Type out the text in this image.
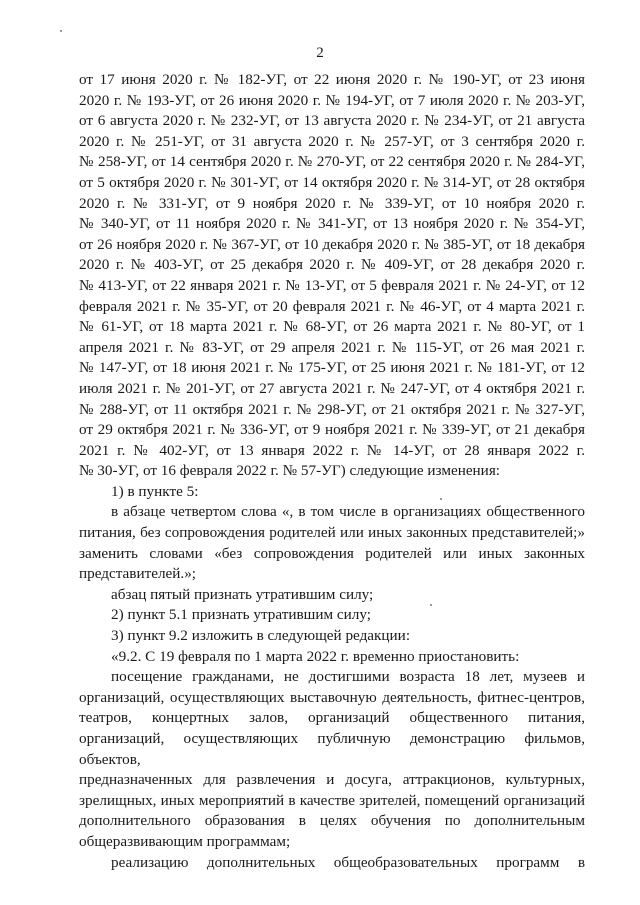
2

от 17 июня 2020 г. № 182-УГ, от 22 июня 2020 г. № 190-УГ, от 23 июня

2020 г. № 193-УГ, от 26 июня 2020 г. № 194-УГ, от 7 июля 2020 г. № 203-УГ,

от 6 августа 2020 г. № 232-УГ, от 13 августа 2020 г. № 234-УГ, от 21 августа

2020 г. № 251-УГ, от 31 августа 2020 г. № 257-УГ, от 3 сентября 2020 г.

№ 258-УГ, от 14 сентября 2020 г. № 270-УГ, от 22 сентября 2020 г. № 284-УГ,

от 5 октября 2020 г. № 301-УГ, от 14 октября 2020 г. № 314-УГ, от 28 октября

2020 г. № 331-УГ, от 9 ноября 2020 г. № 339-УГ, от 10 ноября 2020 г.

№ 340-УГ, от 11 ноября 2020 г. № 341-УГ, от 13 ноября 2020 г. № 354-УГ,

от 26 ноября 2020 г. № 367-УГ, от 10 декабря 2020 г. № 385-УГ, от 18 декабря

2020 г. № 403-УГ, от 25 декабря 2020 г. № 409-УГ, от 28 декабря 2020 г.

№ 413-УГ, от 22 января 2021 г. № 13-УГ, от 5 февраля 2021 г. № 24-УГ, от 12

февраля 2021 г. № 35-УГ, от 20 февраля 2021 г. № 46-УГ, от 4 марта 2021 г.

№ 61-УГ, от 18 марта 2021 г. № 68-УГ, от 26 марта 2021 г. № 80-УГ, от 1

апреля 2021 г. № 83-УГ, от 29 апреля 2021 г. № 115-УГ, от 26 мая 2021 г.

№ 147-УГ, от 18 июня 2021 г. № 175-УГ, от 25 июня 2021 г. № 181-УГ, от 12

июля 2021 г. № 201-УГ, от 27 августа 2021 г. № 247-УГ, от 4 октября 2021 г.

№ 288-УГ, от 11 октября 2021 г. № 298-УГ, от 21 октября 2021 г. № 327-УГ,

от 29 октября 2021 г. № 336-УГ, от 9 ноября 2021 г. № 339-УГ, от 21 декабря

2021 г. № 402-УГ, от 13 января 2022 г. № 14-УГ, от 28 января 2022 г.

№ 30-УГ, от 16 февраля 2022 г. № 57-УГ) следующие изменения:

1) в пункте 5:

в абзаце четвертом слова «, в том числе в организациях общественного

питания, без сопровождения родителей или иных законных представителей;»

заменить словами «без сопровождения родителей или иных законных

представителей.»;

абзац пятый признать утратившим силу;

2) пункт 5.1 признать утратившим силу;

3) пункт 9.2 изложить в следующей редакции:

«9.2. С 19 февраля по 1 марта 2022 г. временно приостановить:

посещение гражданами, не достигшими возраста 18 лет, музеев и

организаций, осуществляющих выставочную деятельность, фитнес-центров,

театров, концертных залов, организаций общественного питания,

организаций, осуществляющих публичную демонстрацию фильмов, объектов,

предназначенных для развлечения и досуга, аттракционов, культурных,

зрелищных, иных мероприятий в качестве зрителей, помещений организаций

дополнительного образования в целях обучения по дополнительным

общеразвивающим программам;

реализацию дополнительных общеобразовательных программ в
